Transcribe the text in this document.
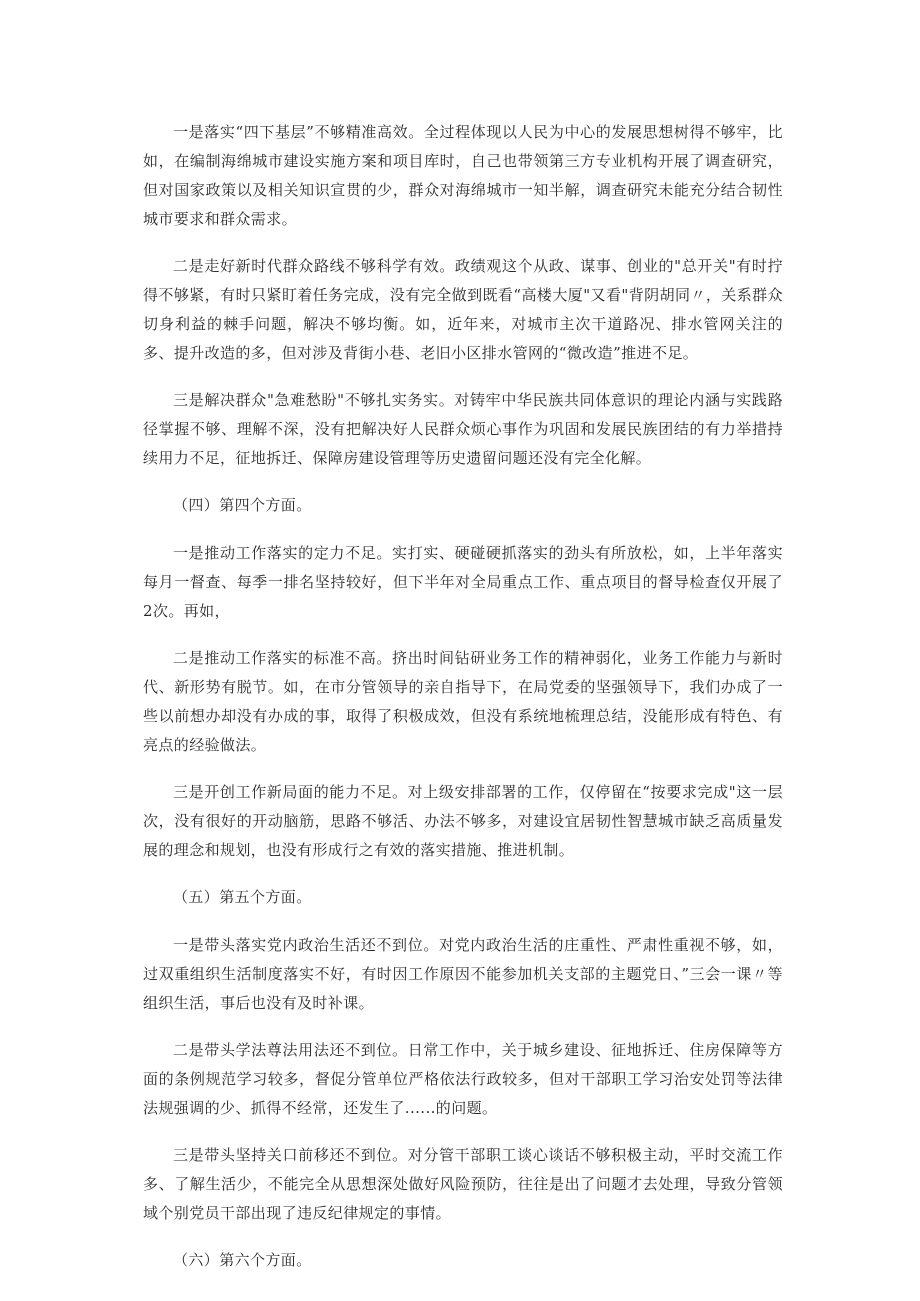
一是落实“四下基层”不够精准高效。全过程体现以人民为中心的发展思想树得不够牢，比如，在编制海绵城市建设实施方案和项目库时，自己也带领第三方专业机构开展了调查研究，但对国家政策以及相关知识宣贯的少，群众对海绵城市一知半解，调查研究未能充分结合韧性城市要求和群众需求。

二是走好新时代群众路线不够科学有效。政绩观这个从政、谋事、创业的"总开关"有时拧得不够紧，有时只紧盯着任务完成，没有完全做到既看“高楼大厦"又看"背阴胡同〃，关系群众切身利益的棘手问题，解决不够均衡。如，近年来，对城市主次干道路况、排水管网关注的多、提升改造的多，但对涉及背街小巷、老旧小区排水管网的“微改造”推进不足。

三是解决群众"急难愁盼"不够扎实务实。对铸牢中华民族共同体意识的理论内涵与实践路径掌握不够、理解不深，没有把解决好人民群众烦心事作为巩固和发展民族团结的有力举措持续用力不足，征地拆迁、保障房建设管理等历史遗留问题还没有完全化解。

（四）第四个方面。

一是推动工作落实的定力不足。实打实、硬碰硬抓落实的劲头有所放松，如，上半年落实每月一督查、每季一排名坚持较好，但下半年对全局重点工作、重点项目的督导检查仅开展了2次。再如，

二是推动工作落实的标准不高。挤出时间钻研业务工作的精神弱化，业务工作能力与新时代、新形势有脱节。如，在市分管领导的亲自指导下，在局党委的坚强领导下，我们办成了一些以前想办却没有办成的事，取得了积极成效，但没有系统地梳理总结，没能形成有特色、有亮点的经验做法。

三是开创工作新局面的能力不足。对上级安排部署的工作，仅停留在“按要求完成"这一层次，没有很好的开动脑筋，思路不够活、办法不够多，对建设宜居韧性智慧城市缺乏高质量发展的理念和规划，也没有形成行之有效的落实措施、推进机制。

（五）第五个方面。

一是带头落实党内政治生活还不到位。对党内政治生活的庄重性、严肃性重视不够，如，过双重组织生活制度落实不好，有时因工作原因不能参加机关支部的主题党日、”三会一课〃等组织生活，事后也没有及时补课。

二是带头学法尊法用法还不到位。日常工作中，关于城乡建设、征地拆迁、住房保障等方面的条例规范学习较多，督促分管单位严格依法行政较多，但对干部职工学习治安处罚等法律法规强调的少、抓得不经常，还发生了......的问题。

三是带头坚持关口前移还不到位。对分管干部职工谈心谈话不够积极主动，平时交流工作多、了解生活少，不能完全从思想深处做好风险预防，往往是出了问题才去处理，导致分管领域个别党员干部出现了违反纪律规定的事情。

（六）第六个方面。
